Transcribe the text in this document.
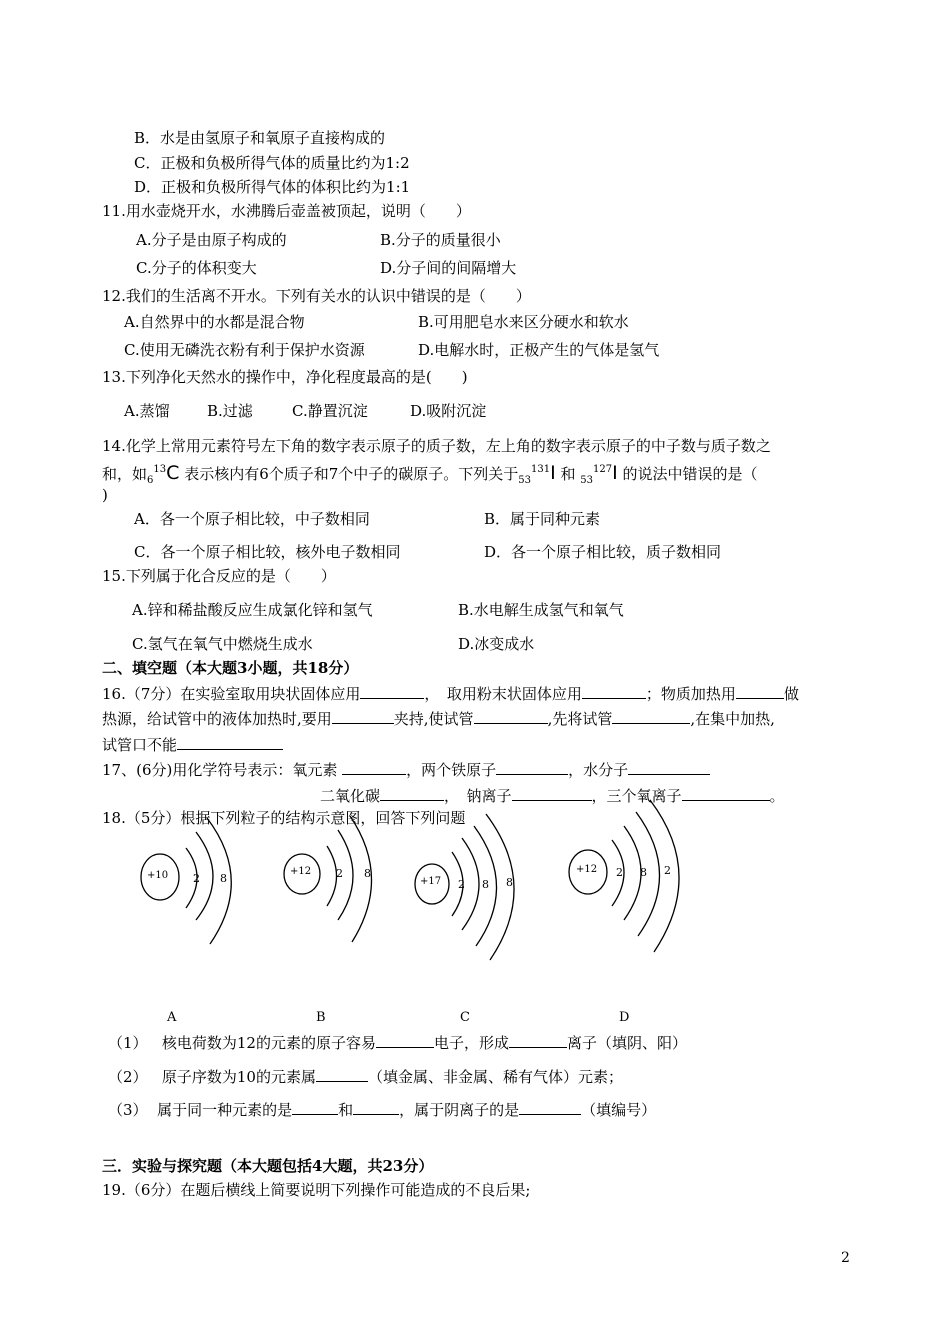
B．水是由氢原子和氧原子直接构成的
C．正极和负极所得气体的质量比约为1:2
D．正极和负极所得气体的体积比约为1:1
11.用水壶烧开水，水沸腾后壶盖被顶起，说明（　　）
A.分子是由原子构成的	B.分子的质量很小
C.分子的体积变大	D.分子间的间隔增大
12.我们的生活离不开水。下列有关水的认识中错误的是（　　）
A.自然界中的水都是混合物	B.可用肥皂水来区分硬水和软水
C.使用无磷洗衣粉有利于保护水资源	D.电解水时，正极产生的气体是氢气
13.下列净化天然水的操作中，净化程度最高的是(　　)
A.蒸馏 B.过滤	C.静置沉淀	D.吸附沉淀
14.化学上常用元素符号左下角的数字表示原子的质子数，左上角的数字表示原子的中子数与质子数之
和，如$_6^{13}$C 表示核内有6个质子和7个中子的碳原子。下列关于$_{53}^{131}$I 和 $_{53}^{127}$I 的说法中错误的是（
)
A．各一个原子相比较，中子数相同	B．属于同种元素
C．各一个原子相比较，核外电子数相同	D．各一个原子相比较，质子数相同
15.下列属于化合反应的是（　　）
A.锌和稀盐酸反应生成氯化锌和氢气	B.水电解生成氢气和氧气
C.氢气在氧气中燃烧生成水	D.冰变成水
二、填空题（本大题3小题，共18分）
16.（7分）在实验室取用块状固体应用	，　取用粉末状固体应用	；物质加热用	做
热源，给试管中的液体加热时,要用	夹持,使试管	,先将试管	,在集中加热,
试管口不能
17、(6分)用化学符号表示：氧元素	，两个铁原子	，水分子
二氧化碳	，　钠离子	，三个氧离子	。
18.（5分）根据下列粒子的结构示意图，回答下列问题
+10 2 8
+12 2 8
+17 2 8 8
+12 2 8 2
A	B	C	D
（1） 核电荷数为12的元素的原子容易	电子，形成	离子（填阴、阳）
（2） 原子序数为10的元素属	（填金属、非金属、稀有气体）元素；
（3） 属于同一种元素的是	和	，属于阴离子的是	（填编号）
三．实验与探究题（本大题包括4大题，共23分）
19.（6分）在题后横线上简要说明下列操作可能造成的不良后果;
2
